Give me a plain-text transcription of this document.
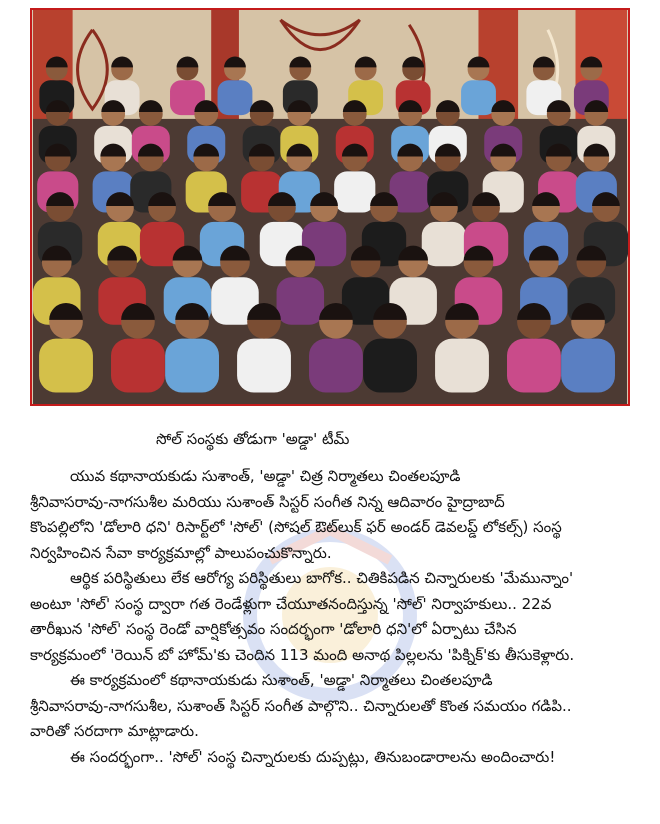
సోల్ సంస్థకు తోడుగా 'అడ్డా' టీమ్

యువ కథానాయకుడు సుశాంత్, 'అడ్డా' చిత్ర నిర్మాతలు చింతలపూడి
శ్రీనివాసరావు-నాగసుశీల మరియు సుశాంత్ సిస్టర్ సంగీత నిన్న ఆదివారం హైద్రాబాద్
కొంపల్లిలోని 'డోలారి ధని' రిసార్ట్‌లో 'సోల్' (సోషల్ ఔట్‌లుక్ ఫర్ అండర్ డెవలప్డ్ లోకల్స్) సంస్థ
నిర్వహించిన సేవా కార్యక్రమాల్లో పాలుపంచుకొన్నారు.

ఆర్థిక పరిస్థితులు లేక ఆరోగ్య పరిస్థితులు బాగోక.. చితికిపడిన చిన్నారులకు 'మేమున్నాం'
అంటూ 'సోల్' సంస్థ ద్వారా గత రెండేళ్లుగా చేయూతనందిస్తున్న 'సోల్' నిర్వాహకులు.. 22వ
తారీఖున 'సోల్' సంస్థ రెండో వార్షికోత్సవం సందర్భంగా 'డోలారి ధని'లో ఏర్పాటు చేసిన
కార్యక్రమంలో 'రెయిన్ బో హోమ్'కు చెందిన 113 మంది అనాథ పిల్లలను 'పిక్నిక్'కు తీసుకెళ్లారు.

ఈ కార్యక్రమంలో కథానాయకుడు సుశాంత్, 'అడ్డా' నిర్మాతలు చింతలపూడి
శ్రీనివాసరావు-నాగసుశీల, సుశాంత్ సిస్టర్ సంగీత పాల్గొని.. చిన్నారులతో కొంత సమయం గడిపి..
వారితో సరదాగా మాట్లాడారు.

ఈ సందర్భంగా.. 'సోల్' సంస్థ చిన్నారులకు దుప్పట్లు, తినుబండారాలను అందించారు!
